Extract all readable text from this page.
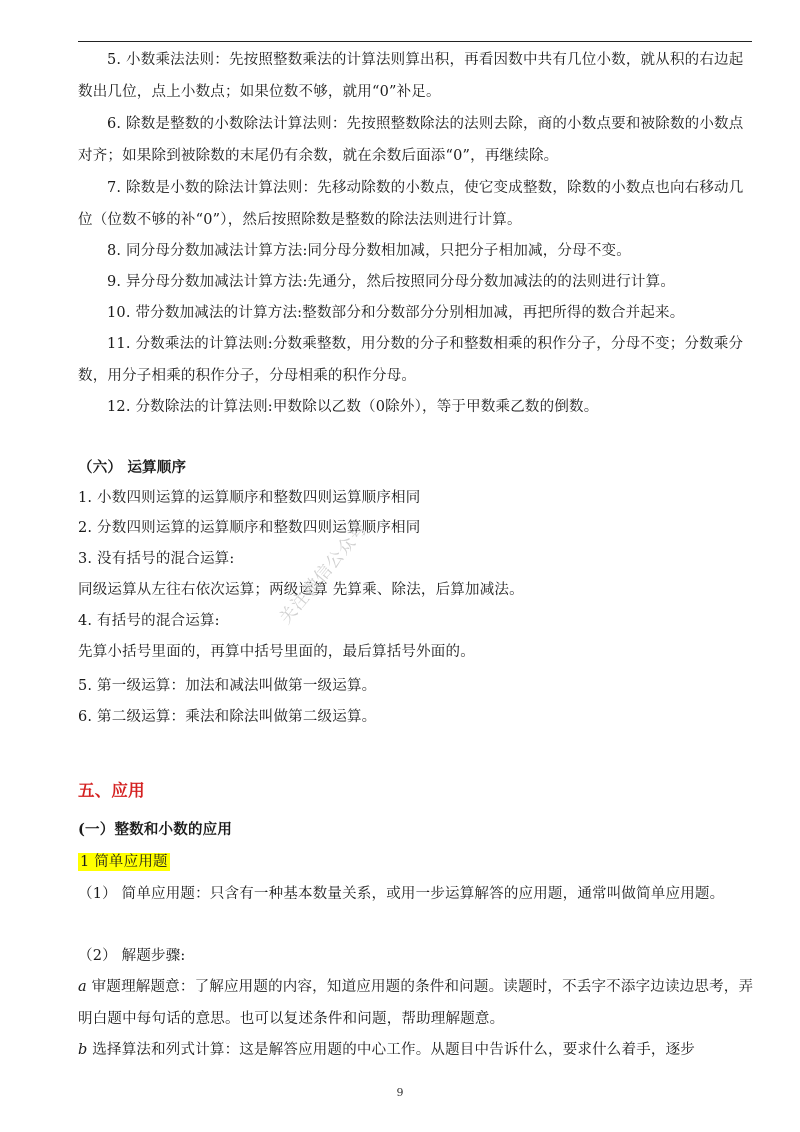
5. 小数乘法法则：先按照整数乘法的计算法则算出积，再看因数中共有几位小数，就从积的右边起数出几位，点上小数点；如果位数不够，就用“0”补足。
6. 除数是整数的小数除法计算法则：先按照整数除法的法则去除，商的小数点要和被除数的小数点对齐；如果除到被除数的末尾仍有余数，就在余数后面添“0”，再继续除。
7. 除数是小数的除法计算法则：先移动除数的小数点，使它变成整数，除数的小数点也向右移动几位（位数不够的补“0”），然后按照除数是整数的除法法则进行计算。
8. 同分母分数加减法计算方法:同分母分数相加减，只把分子相加减，分母不变。
9. 异分母分数加减法计算方法:先通分，然后按照同分母分数加减法的的法则进行计算。
10. 带分数加减法的计算方法:整数部分和分数部分分别相加减，再把所得的数合并起来。
11. 分数乘法的计算法则:分数乘整数，用分数的分子和整数相乘的积作分子，分母不变；分数乘分数，用分子相乘的积作分子，分母相乘的积作分母。
12. 分数除法的计算法则:甲数除以乙数（0除外），等于甲数乘乙数的倒数。
（六） 运算顺序
1. 小数四则运算的运算顺序和整数四则运算顺序相同
2. 分数四则运算的运算顺序和整数四则运算顺序相同
3. 没有括号的混合运算:
同级运算从左往右依次运算；两级运算 先算乘、除法，后算加减法。
4. 有括号的混合运算:
先算小括号里面的，再算中括号里面的，最后算括号外面的。
5. 第一级运算：加法和减法叫做第一级运算。
6. 第二级运算：乘法和除法叫做第二级运算。
五、应用
(一）整数和小数的应用
1 简单应用题
（1） 简单应用题：只含有一种基本数量关系，或用一步运算解答的应用题，通常叫做简单应用题。
（2） 解题步骤:
a 审题理解题意：了解应用题的内容，知道应用题的条件和问题。读题时，不丢字不添字边读边思考，弄明白题中每句话的意思。也可以复述条件和问题，帮助理解题意。
b 选择算法和列式计算：这是解答应用题的中心工作。从题目中告诉什么，要求什么着手，逐步
关注微信公众号
9
